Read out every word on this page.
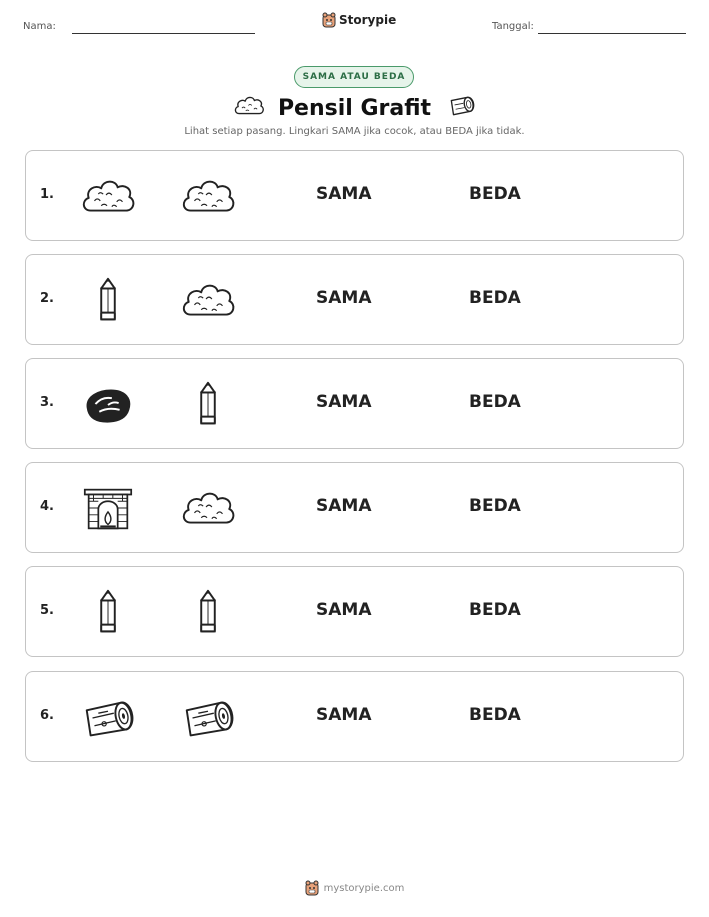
Nama:	Storypie	Tanggal:
SAMA ATAU BEDA
Pensil Grafit
Lihat setiap pasang. Lingkari SAMA jika cocok, atau BEDA jika tidak.
1.	SAMA	BEDA
2.	SAMA	BEDA
3.	SAMA	BEDA
4.	SAMA	BEDA
5.	SAMA	BEDA
6.	SAMA	BEDA
mystorypie.com
